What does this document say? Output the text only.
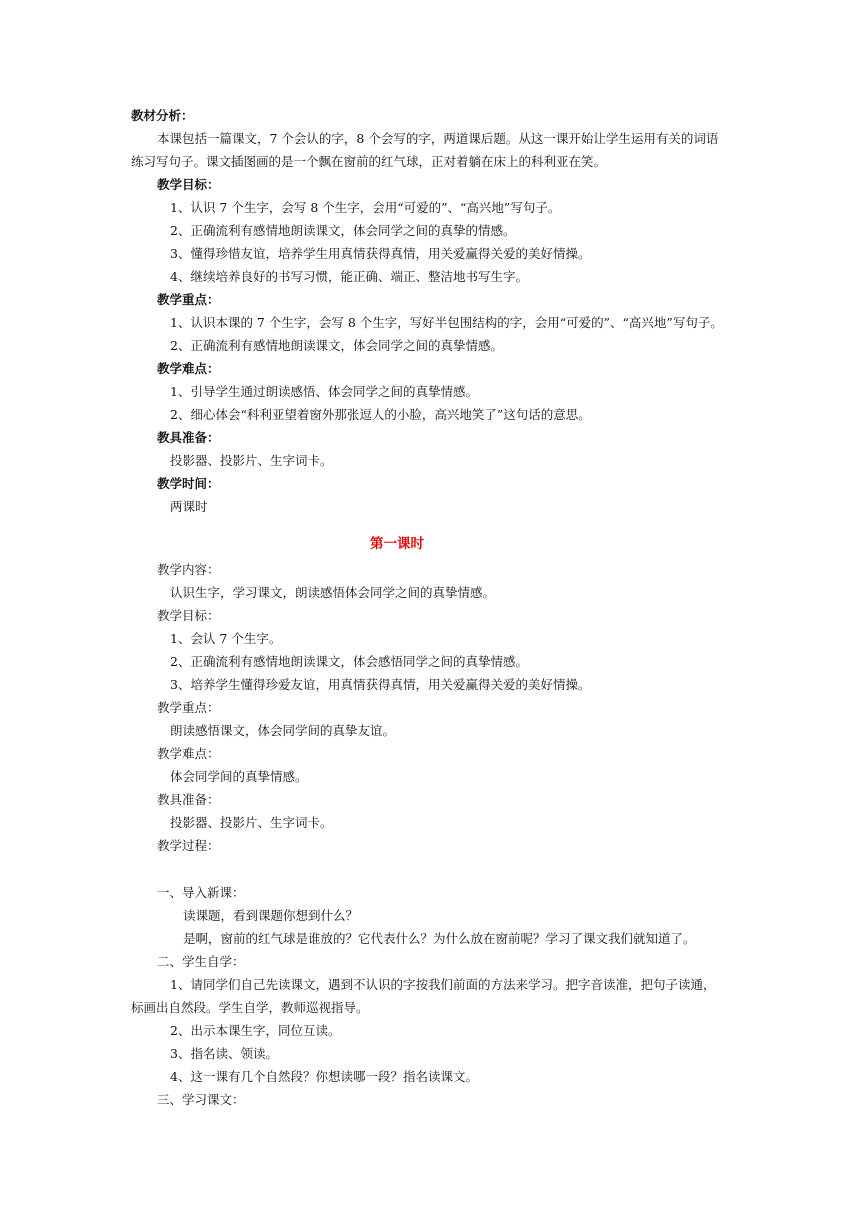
教材分析：
本课包括一篇课文，7 个会认的字，8 个会写的字，两道课后题。从这一课开始让学生运用有关的词语
练习写句子。课文插图画的是一个飘在窗前的红气球，正对着躺在床上的科利亚在笑。
教学目标：
1、认识 7 个生字，会写 8 个生字，会用“可爱的”、“高兴地”写句子。
2、正确流利有感情地朗读课文，体会同学之间的真挚的情感。
3、懂得珍惜友谊，培养学生用真情获得真情，用关爱赢得关爱的美好情操。
4、继续培养良好的书写习惯，能正确、端正、整洁地书写生字。
教学重点：
1、认识本课的 7 个生字，会写 8 个生字，写好半包围结构的字，会用“可爱的”、“高兴地”写句子。
2、正确流利有感情地朗读课文，体会同学之间的真挚情感。
教学难点：
1、引导学生通过朗读感悟、体会同学之间的真挚情感。
2、细心体会“科利亚望着窗外那张逗人的小脸，高兴地笑了”这句话的意思。
教具准备：
投影器、投影片、生字词卡。
教学时间：
两课时
第一课时
教学内容：
认识生字，学习课文，朗读感悟体会同学之间的真挚情感。
教学目标：
1、会认 7 个生字。
2、正确流利有感情地朗读课文，体会感悟同学之间的真挚情感。
3、培养学生懂得珍爱友谊，用真情获得真情，用关爱赢得关爱的美好情操。
教学重点：
朗读感悟课文，体会同学间的真挚友谊。
教学难点：
体会同学间的真挚情感。
教具准备：
投影器、投影片、生字词卡。
教学过程：
一、导入新课：
读课题，看到课题你想到什么？
是啊，窗前的红气球是谁放的？它代表什么？为什么放在窗前呢？学习了课文我们就知道了。
二、学生自学：
1、请同学们自己先读课文，遇到不认识的字按我们前面的方法来学习。把字音读准，把句子读通，
标画出自然段。学生自学，教师巡视指导。
2、出示本课生字，同位互读。
3、指名读、领读。
4、这一课有几个自然段？你想读哪一段？指名读课文。
三、学习课文：
